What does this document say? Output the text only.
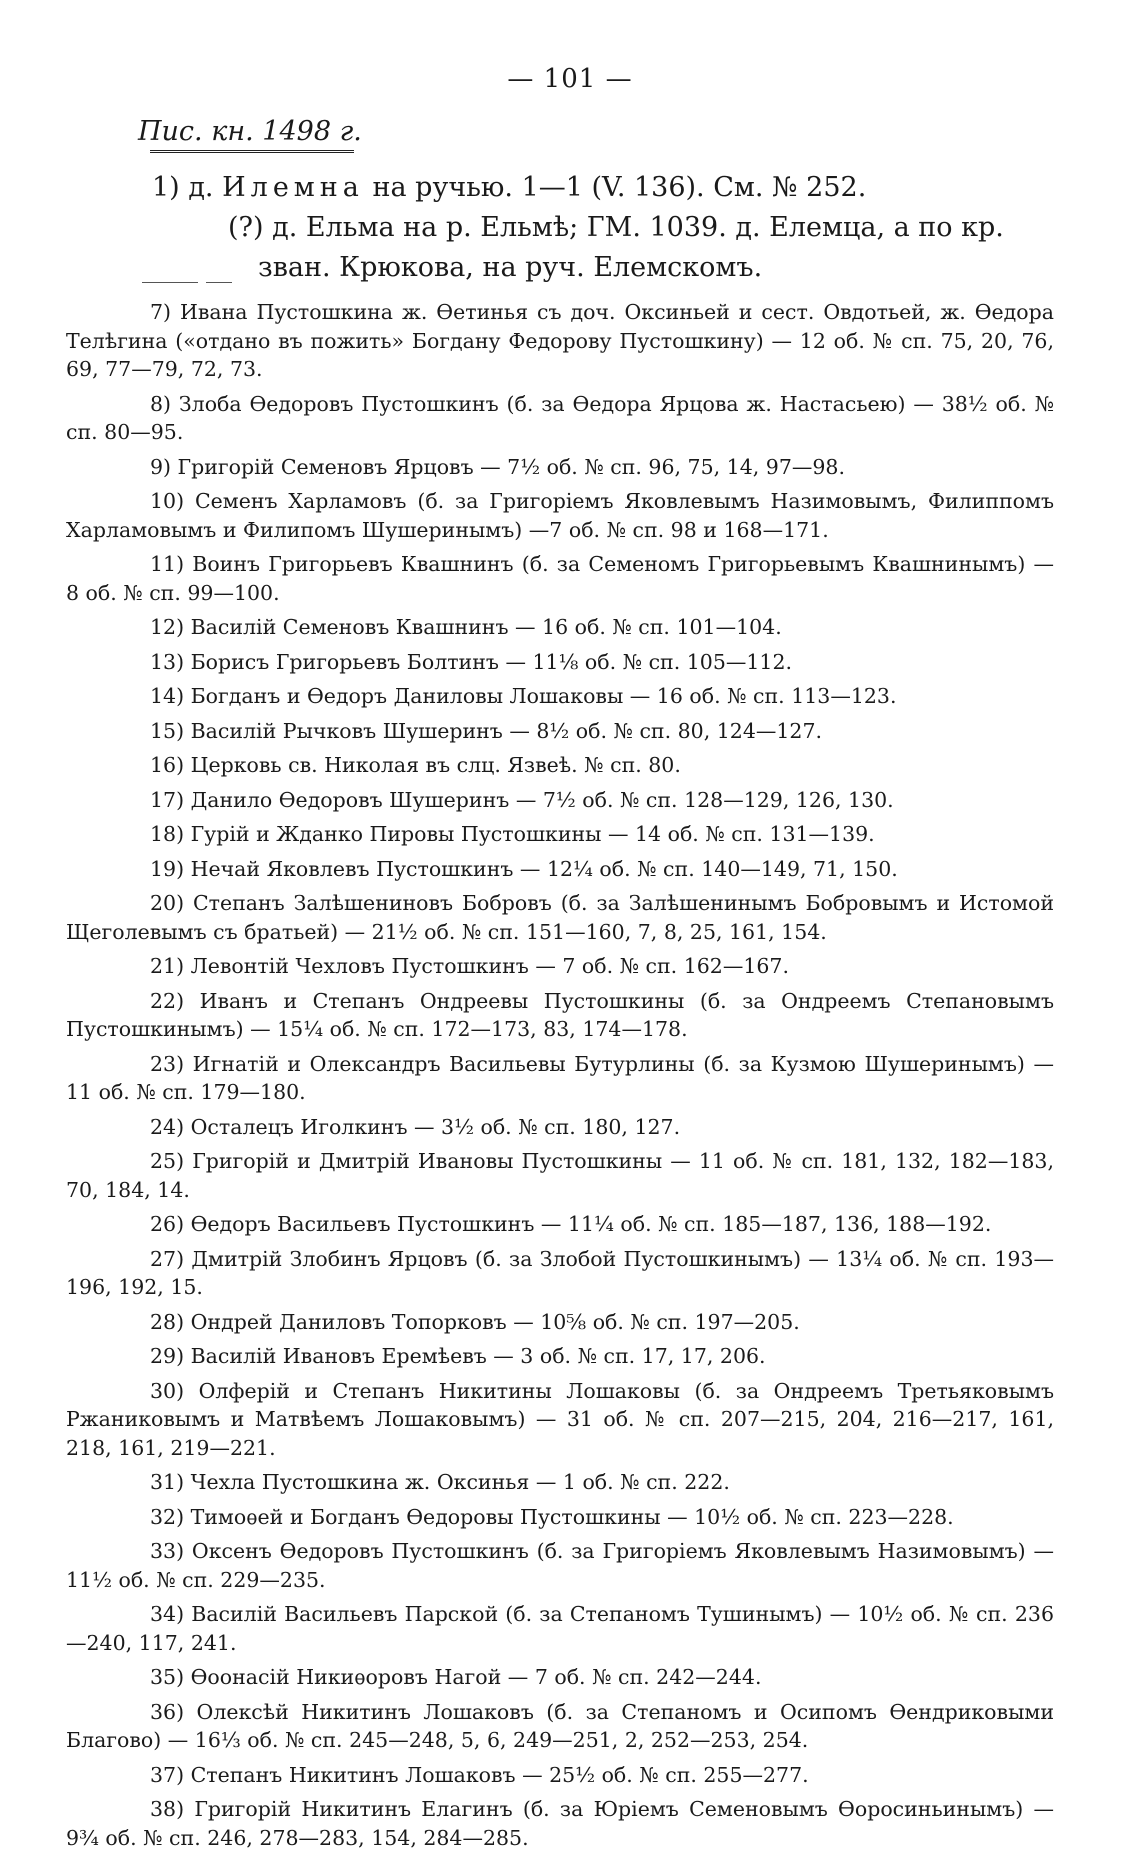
— 101 —
Пис. кн. 1498 г.

1) д. Илемна на ручью. 1—1 (V. 136). См. № 252.

(?) д. Ельма на р. Ельмѣ; ГМ. 1039. д. Елемца, а по кр. зван. Крюкова, на руч. Елемскомъ.

7) Ивана Пустошкина ж. Ѳетинья съ доч. Оксиньей и сест. Овдотьей, ж. Ѳедора Телѣгина («отдано въ пожить» Богдану Федорову Пустошкину) — 12 об. № сп. 75, 20, 76, 69, 77—79, 72, 73.

8) Злоба Ѳедоровъ Пустошкинъ (б. за Ѳедора Ярцова ж. Настасьею) — 38½ об. № сп. 80—95.

9) Григорій Семеновъ Ярцовъ — 7½ об. № сп. 96, 75, 14, 97—98.

10) Семенъ Харламовъ (б. за Григоріемъ Яковлевымъ Назимовымъ, Филиппомъ Харламовымъ и Филипомъ Шушеринымъ) —7 об. № сп. 98 и 168—171.

11) Воинъ Григорьевъ Квашнинъ (б. за Семеномъ Григорьевымъ Квашнинымъ) — 8 об. № сп. 99—100.

12) Василій Семеновъ Квашнинъ — 16 об. № сп. 101—104.

13) Борисъ Григорьевъ Болтинъ — 11⅛ об. № сп. 105—112.

14) Богданъ и Ѳедоръ Даниловы Лошаковы — 16 об. № сп. 113—123.

15) Василій Рычковъ Шушеринъ — 8½ об. № сп. 80, 124—127.

16) Церковь св. Николая въ слц. Язвеѣ. № сп. 80.

17) Данило Ѳедоровъ Шушеринъ — 7½ об. № сп. 128—129, 126, 130.

18) Гурій и Жданко Пировы Пустошкины — 14 об. № сп. 131—139.

19) Нечай Яковлевъ Пустошкинъ — 12¼ об. № сп. 140—149, 71, 150.

20) Степанъ Залѣшениновъ Бобровъ (б. за Залѣшенинымъ Бобровымъ и Истомой Щеголевымъ съ братьей) — 21½ об. № сп. 151—160, 7, 8, 25, 161, 154.

21) Левонтій Чехловъ Пустошкинъ — 7 об. № сп. 162—167.

22) Иванъ и Степанъ Ондреевы Пустошкины (б. за Ондреемъ Степановымъ Пустошкинымъ) — 15¼ об. № сп. 172—173, 83, 174—178.

23) Игнатій и Олександръ Васильевы Бутурлины (б. за Кузмою Шушеринымъ) — 11 об. № сп. 179—180.

24) Осталецъ Иголкинъ — 3½ об. № сп. 180, 127.

25) Григорій и Дмитрій Ивановы Пустошкины — 11 об. № сп. 181, 132, 182—183, 70, 184, 14.

26) Ѳедоръ Васильевъ Пустошкинъ — 11¼ об. № сп. 185—187, 136, 188—192.

27) Дмитрій Злобинъ Ярцовъ (б. за Злобой Пустошкинымъ) — 13¼ об. № сп. 193—196, 192, 15.

28) Ондрей Даниловъ Топорковъ — 10⅝ об. № сп. 197—205.

29) Василій Ивановъ Еремѣевъ — 3 об. № сп. 17, 17, 206.

30) Олферій и Степанъ Никитины Лошаковы (б. за Ондреемъ Третьяковымъ Ржаниковымъ и Матвѣемъ Лошаковымъ) — 31 об. № сп. 207—215, 204, 216—217, 161, 218, 161, 219—221.

31) Чехла Пустошкина ж. Оксинья — 1 об. № сп. 222.

32) Тимоѳей и Богданъ Ѳедоровы Пустошкины — 10½ об. № сп. 223—228.

33) Оксенъ Ѳедоровъ Пустошкинъ (б. за Григоріемъ Яковлевымъ Назимовымъ) — 11½ об. № сп. 229—235.

34) Василій Васильевъ Парской (б. за Степаномъ Тушинымъ) — 10½ об. № сп. 236—240, 117, 241.

35) Ѳоонасій Никиѳоровъ Нагой — 7 об. № сп. 242—244.

36) Олексѣй Никитинъ Лошаковъ (б. за Степаномъ и Осипомъ Ѳендриковыми Благово) — 16⅓ об. № сп. 245—248, 5, 6, 249—251, 2, 252—253, 254.

37) Степанъ Никитинъ Лошаковъ — 25½ об. № сп. 255—277.

38) Григорій Никитинъ Елагинъ (б. за Юріемъ Семеновымъ Ѳоросиньинымъ) — 9¾ об. № сп. 246, 278—283, 154, 284—285.
